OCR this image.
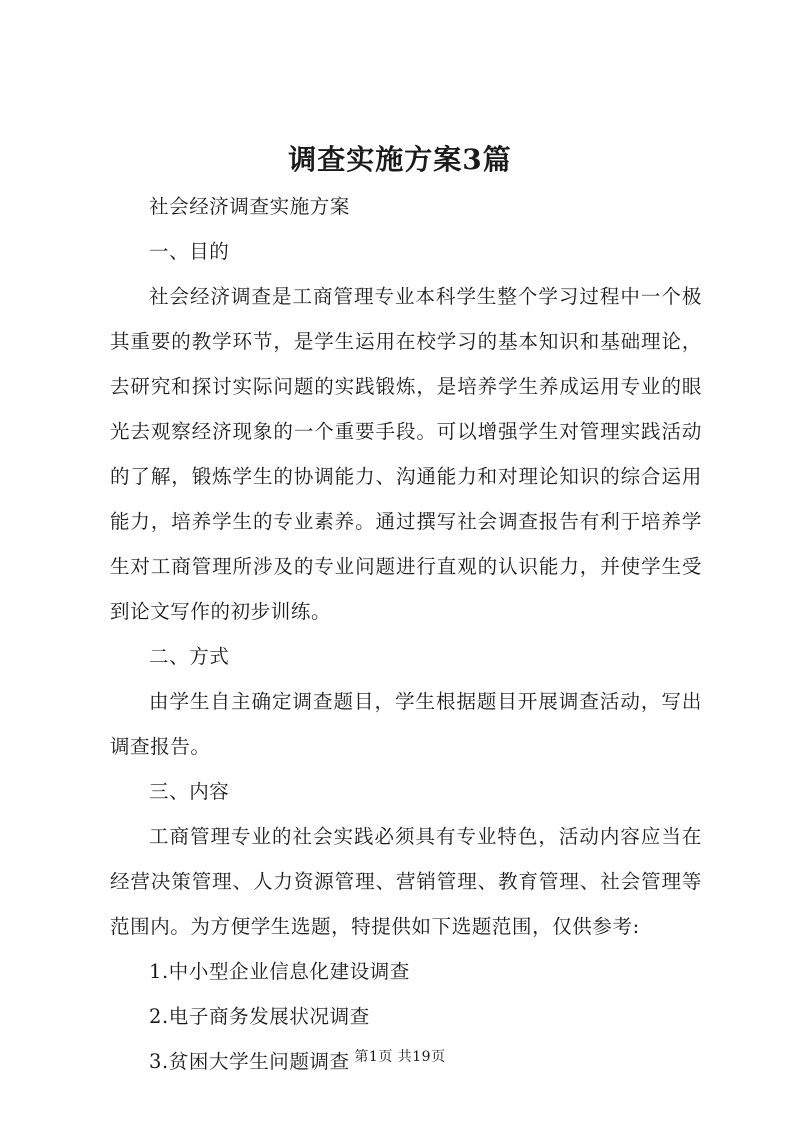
调查实施方案3篇

社会经济调查实施方案

一、目的

社会经济调查是工商管理专业本科学生整个学习过程中一个极其重要的教学环节，是学生运用在校学习的基本知识和基础理论，去研究和探讨实际问题的实践锻炼，是培养学生养成运用专业的眼光去观察经济现象的一个重要手段。可以增强学生对管理实践活动的了解，锻炼学生的协调能力、沟通能力和对理论知识的综合运用能力，培养学生的专业素养。通过撰写社会调查报告有利于培养学生对工商管理所涉及的专业问题进行直观的认识能力，并使学生受到论文写作的初步训练。

二、方式

由学生自主确定调查题目，学生根据题目开展调查活动，写出调查报告。

三、内容

工商管理专业的社会实践必须具有专业特色，活动内容应当在经营决策管理、人力资源管理、营销管理、教育管理、社会管理等范围内。为方便学生选题，特提供如下选题范围，仅供参考:

1.中小型企业信息化建设调查

2.电子商务发展状况调查

3.贫困大学生问题调查 第1页 共19页
